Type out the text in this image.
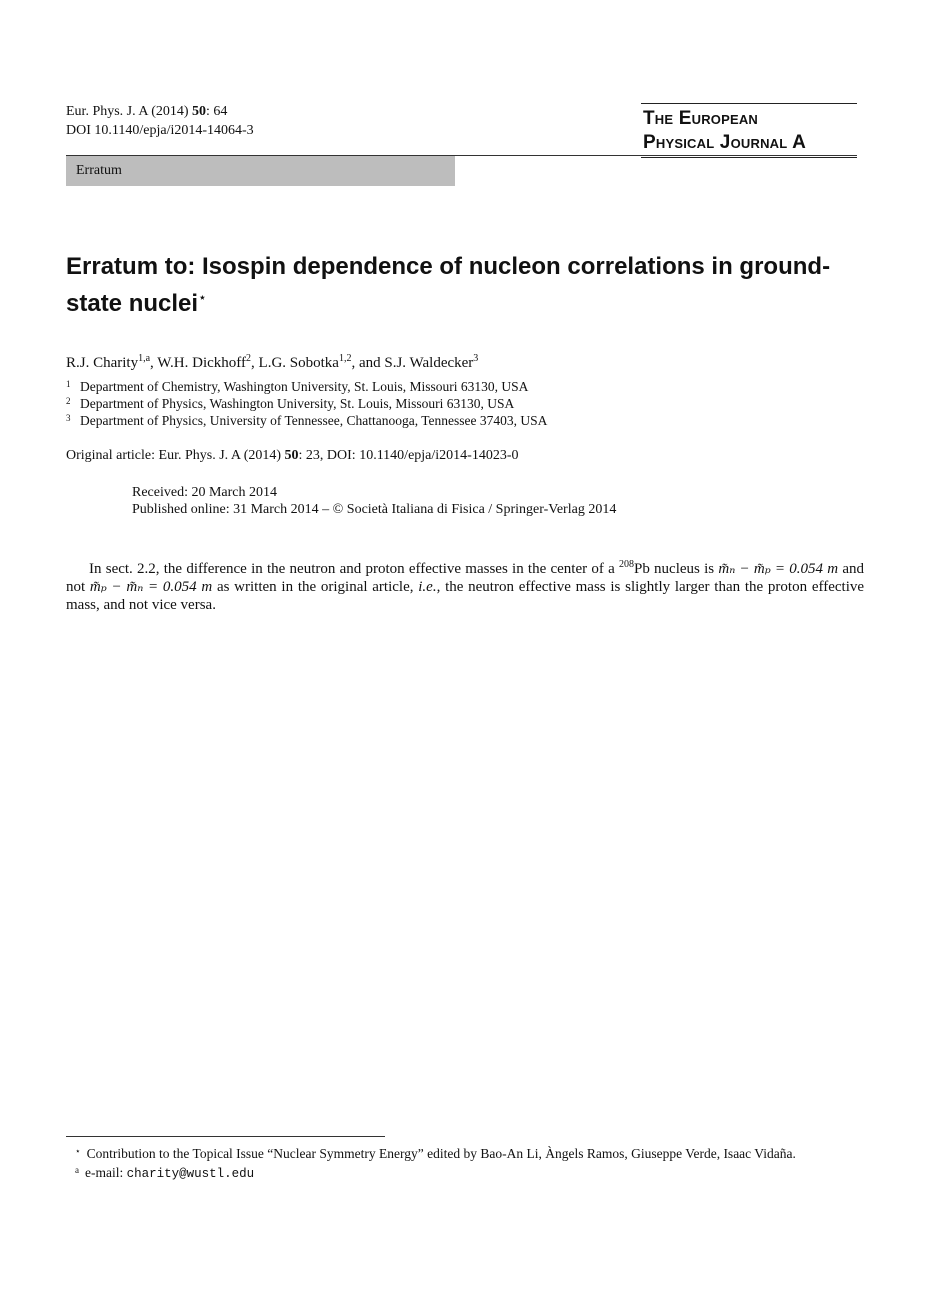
Eur. Phys. J. A (2014) 50: 64
DOI 10.1140/epja/i2014-14064-3
The European
Physical Journal A
Erratum
Erratum to: Isospin dependence of nucleon correlations in ground-state nuclei⋆
R.J. Charity$^{1,a}$, W.H. Dickhoff$^2$, L.G. Sobotka$^{1,2}$, and S.J. Waldecker$^3$
1 Department of Chemistry, Washington University, St. Louis, Missouri 63130, USA
2 Department of Physics, Washington University, St. Louis, Missouri 63130, USA
3 Department of Physics, University of Tennessee, Chattanooga, Tennessee 37403, USA
Original article: Eur. Phys. J. A (2014) 50: 23, DOI: 10.1140/epja/i2014-14023-0
Received: 20 March 2014
Published online: 31 March 2014 – © Società Italiana di Fisica / Springer-Verlag 2014
In sect. 2.2, the difference in the neutron and proton effective masses in the center of a $^{208}$Pb nucleus is m̃ₙ − m̃ₚ = 0.054 m and not m̃ₚ − m̃ₙ = 0.054 m as written in the original article, i.e., the neutron effective mass is slightly larger than the proton effective mass, and not vice versa.
⋆ Contribution to the Topical Issue “Nuclear Symmetry Energy” edited by Bao-An Li, Àngels Ramos, Giuseppe Verde, Isaac Vidaña.
$^a$ e-mail: charity@wustl.edu
